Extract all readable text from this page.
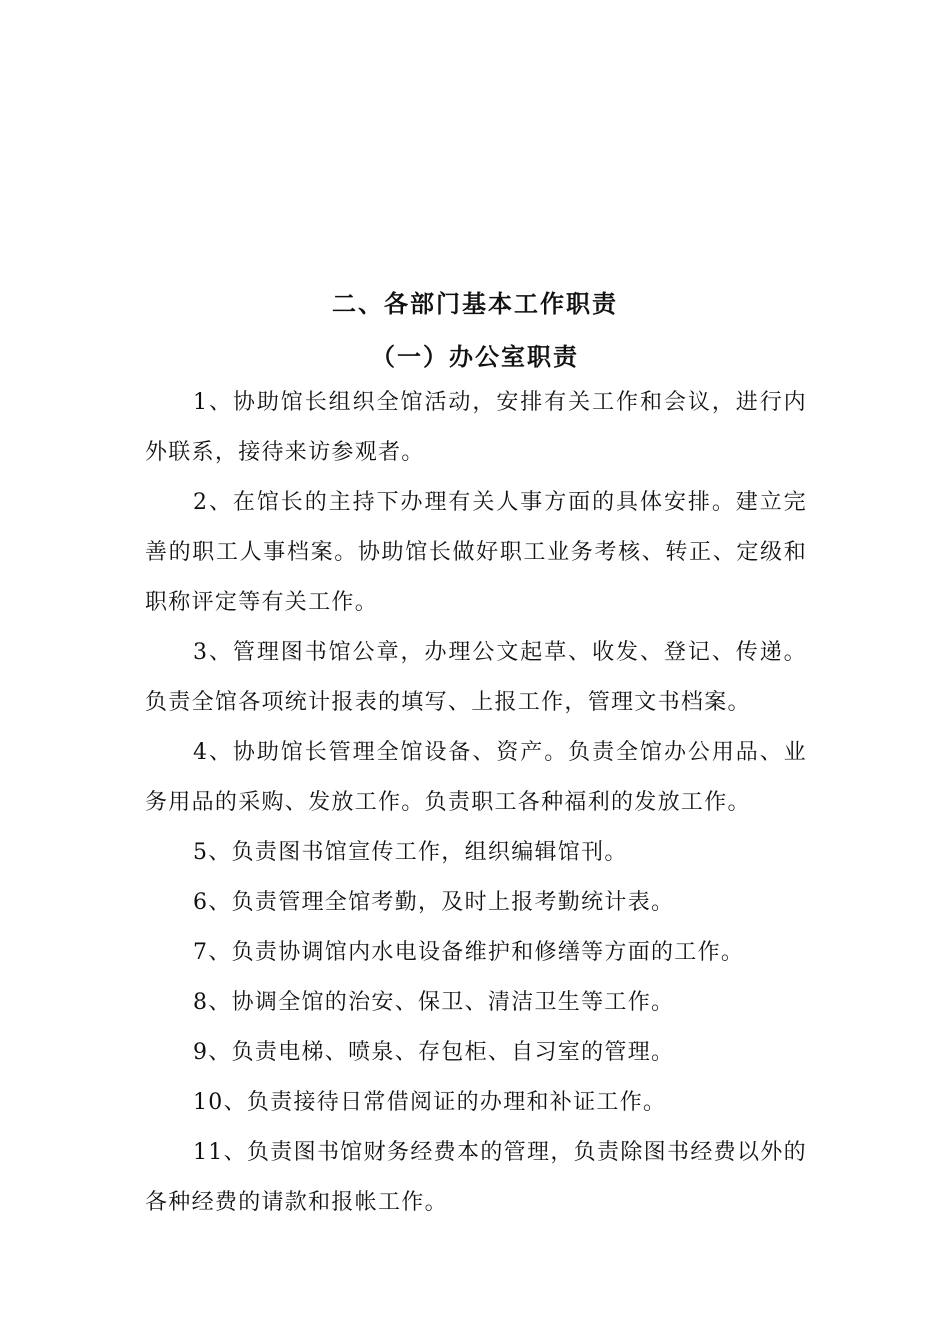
二、各部门基本工作职责
（一）办公室职责

1、协助馆长组织全馆活动，安排有关工作和会议，进行内外联系，接待来访参观者。

2、在馆长的主持下办理有关人事方面的具体安排。建立完善的职工人事档案。协助馆长做好职工业务考核、转正、定级和职称评定等有关工作。

3、管理图书馆公章，办理公文起草、收发、登记、传递。负责全馆各项统计报表的填写、上报工作，管理文书档案。

4、协助馆长管理全馆设备、资产。负责全馆办公用品、业务用品的采购、发放工作。负责职工各种福利的发放工作。

5、负责图书馆宣传工作，组织编辑馆刊。

6、负责管理全馆考勤，及时上报考勤统计表。

7、负责协调馆内水电设备维护和修缮等方面的工作。

8、协调全馆的治安、保卫、清洁卫生等工作。

9、负责电梯、喷泉、存包柜、自习室的管理。

10、负责接待日常借阅证的办理和补证工作。

11、负责图书馆财务经费本的管理，负责除图书经费以外的各种经费的请款和报帐工作。
